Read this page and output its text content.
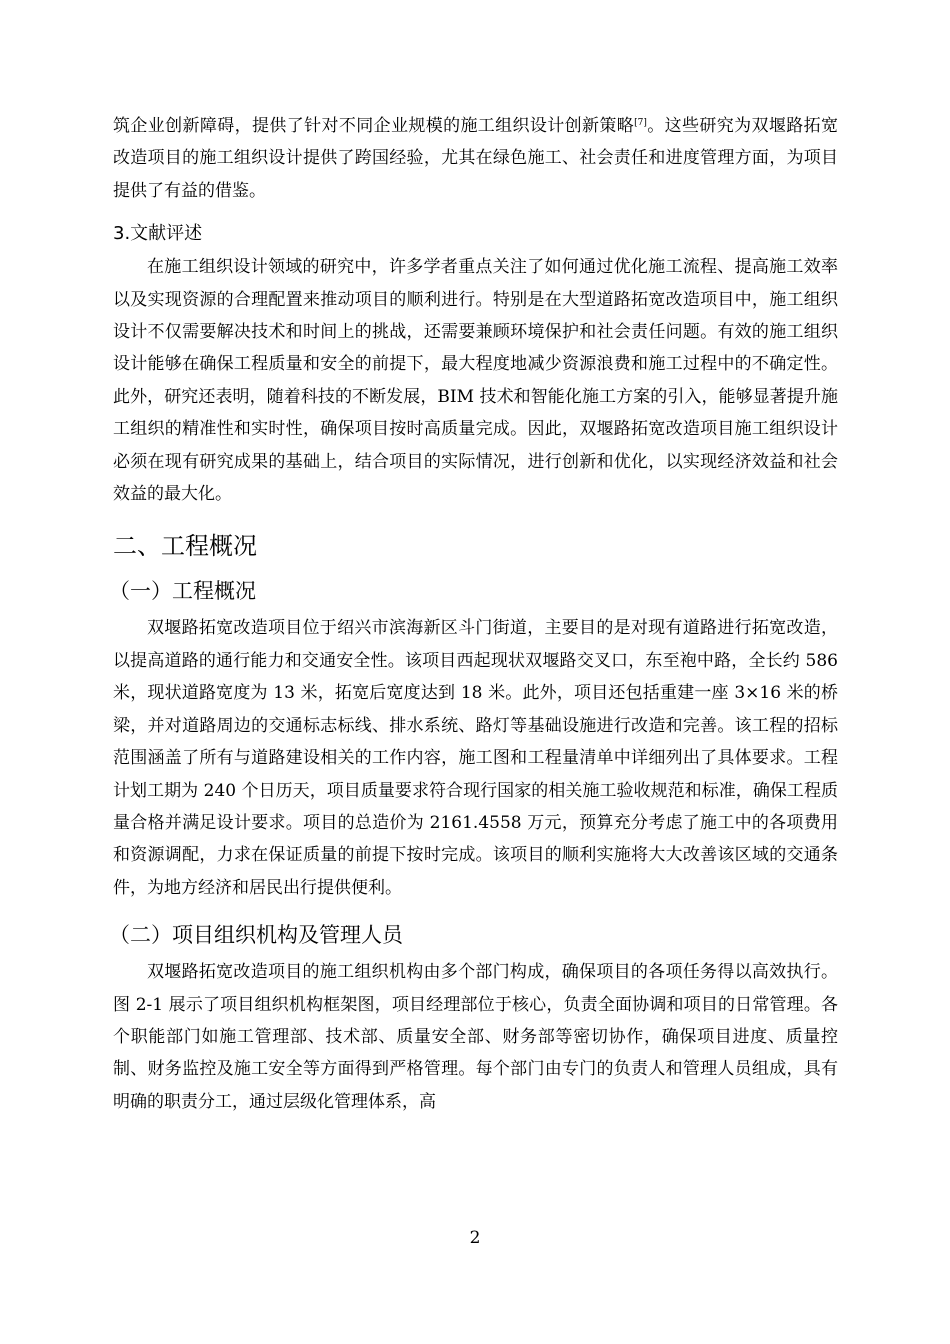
筑企业创新障碍，提供了针对不同企业规模的施工组织设计创新策略[7]。这些研究为双堰路拓宽改造项目的施工组织设计提供了跨国经验，尤其在绿色施工、社会责任和进度管理方面，为项目提供了有益的借鉴。

3.文献评述

在施工组织设计领域的研究中，许多学者重点关注了如何通过优化施工流程、提高施工效率以及实现资源的合理配置来推动项目的顺利进行。特别是在大型道路拓宽改造项目中，施工组织设计不仅需要解决技术和时间上的挑战，还需要兼顾环境保护和社会责任问题。有效的施工组织设计能够在确保工程质量和安全的前提下，最大程度地减少资源浪费和施工过程中的不确定性。此外，研究还表明，随着科技的不断发展，BIM 技术和智能化施工方案的引入，能够显著提升施工组织的精准性和实时性，确保项目按时高质量完成。因此，双堰路拓宽改造项目施工组织设计必须在现有研究成果的基础上，结合项目的实际情况，进行创新和优化，以实现经济效益和社会效益的最大化。

二、工程概况
（一）工程概况

双堰路拓宽改造项目位于绍兴市滨海新区斗门街道，主要目的是对现有道路进行拓宽改造，以提高道路的通行能力和交通安全性。该项目西起现状双堰路交叉口，东至袍中路，全长约 586 米，现状道路宽度为 13 米，拓宽后宽度达到 18 米。此外，项目还包括重建一座 3×16 米的桥梁，并对道路周边的交通标志标线、排水系统、路灯等基础设施进行改造和完善。该工程的招标范围涵盖了所有与道路建设相关的工作内容，施工图和工程量清单中详细列出了具体要求。工程计划工期为 240 个日历天，项目质量要求符合现行国家的相关施工验收规范和标准，确保工程质量合格并满足设计要求。项目的总造价为 2161.4558 万元，预算充分考虑了施工中的各项费用和资源调配，力求在保证质量的前提下按时完成。该项目的顺利实施将大大改善该区域的交通条件，为地方经济和居民出行提供便利。

（二）项目组织机构及管理人员

双堰路拓宽改造项目的施工组织机构由多个部门构成，确保项目的各项任务得以高效执行。图 2-1 展示了项目组织机构框架图，项目经理部位于核心，负责全面协调和项目的日常管理。各个职能部门如施工管理部、技术部、质量安全部、财务部等密切协作，确保项目进度、质量控制、财务监控及施工安全等方面得到严格管理。每个部门由专门的负责人和管理人员组成，具有明确的职责分工，通过层级化管理体系，高

2
